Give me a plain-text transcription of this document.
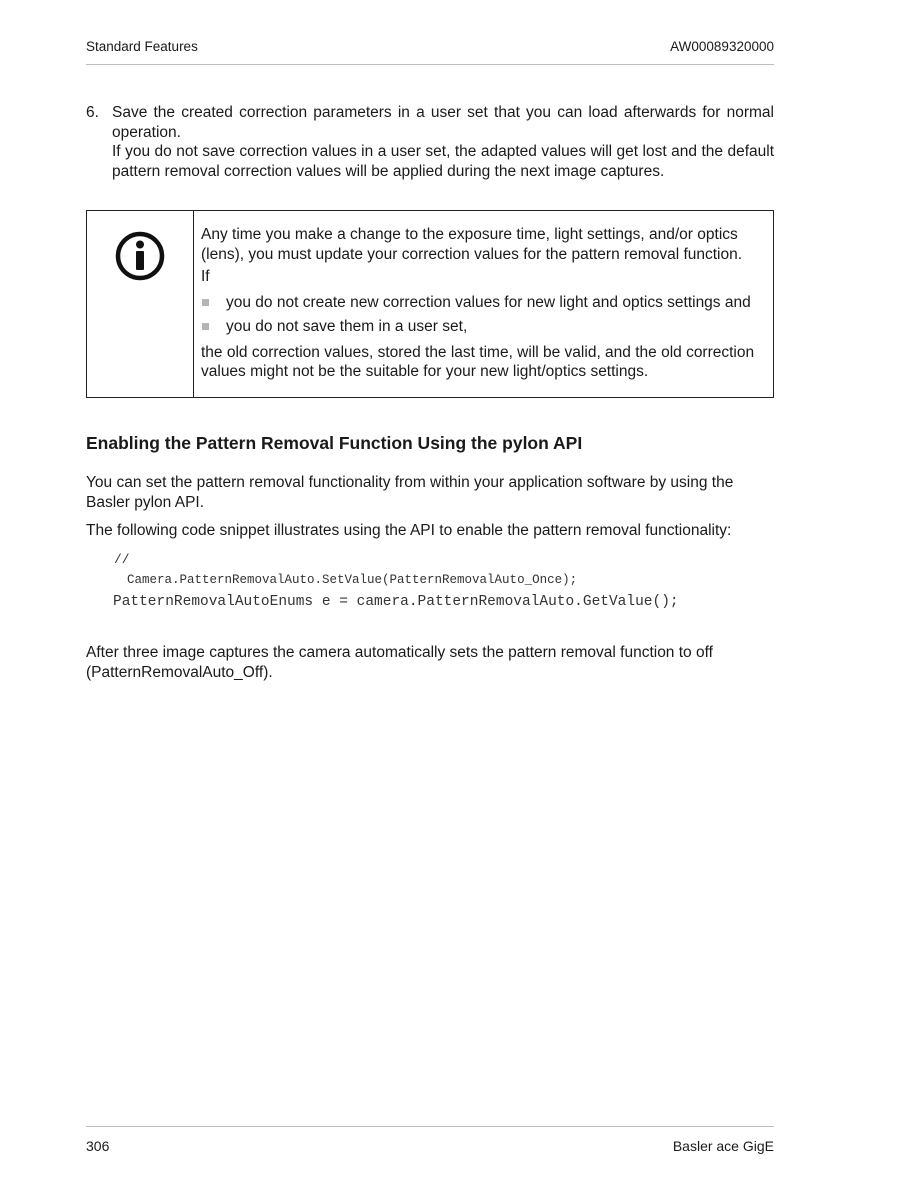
Standard Features	AW00089320000
6. Save the created correction parameters in a user set that you can load afterwards for normal operation.

If you do not save correction values in a user set, the adapted values will get lost and the default pattern removal correction values will be applied during the next image captures.

Any time you make a change to the exposure time, light settings, and/or optics (lens), you must update your correction values for the pattern removal function.

If

you do not create new correction values for new light and optics settings and
you do not save them in a user set,

the old correction values, stored the last time, will be valid, and the old correction values might not be the suitable for your new light/optics settings.

Enabling the Pattern Removal Function Using the pylon API

You can set the pattern removal functionality from within your application software by using the Basler pylon API.

The following code snippet illustrates using the API to enable the pattern removal functionality:

//
Camera.PatternRemovalAuto.SetValue(PatternRemovalAuto_Once);
PatternRemovalAutoEnums e = camera.PatternRemovalAuto.GetValue();

After three image captures the camera automatically sets the pattern removal function to off (PatternRemovalAuto_Off).

306	Basler ace GigE
